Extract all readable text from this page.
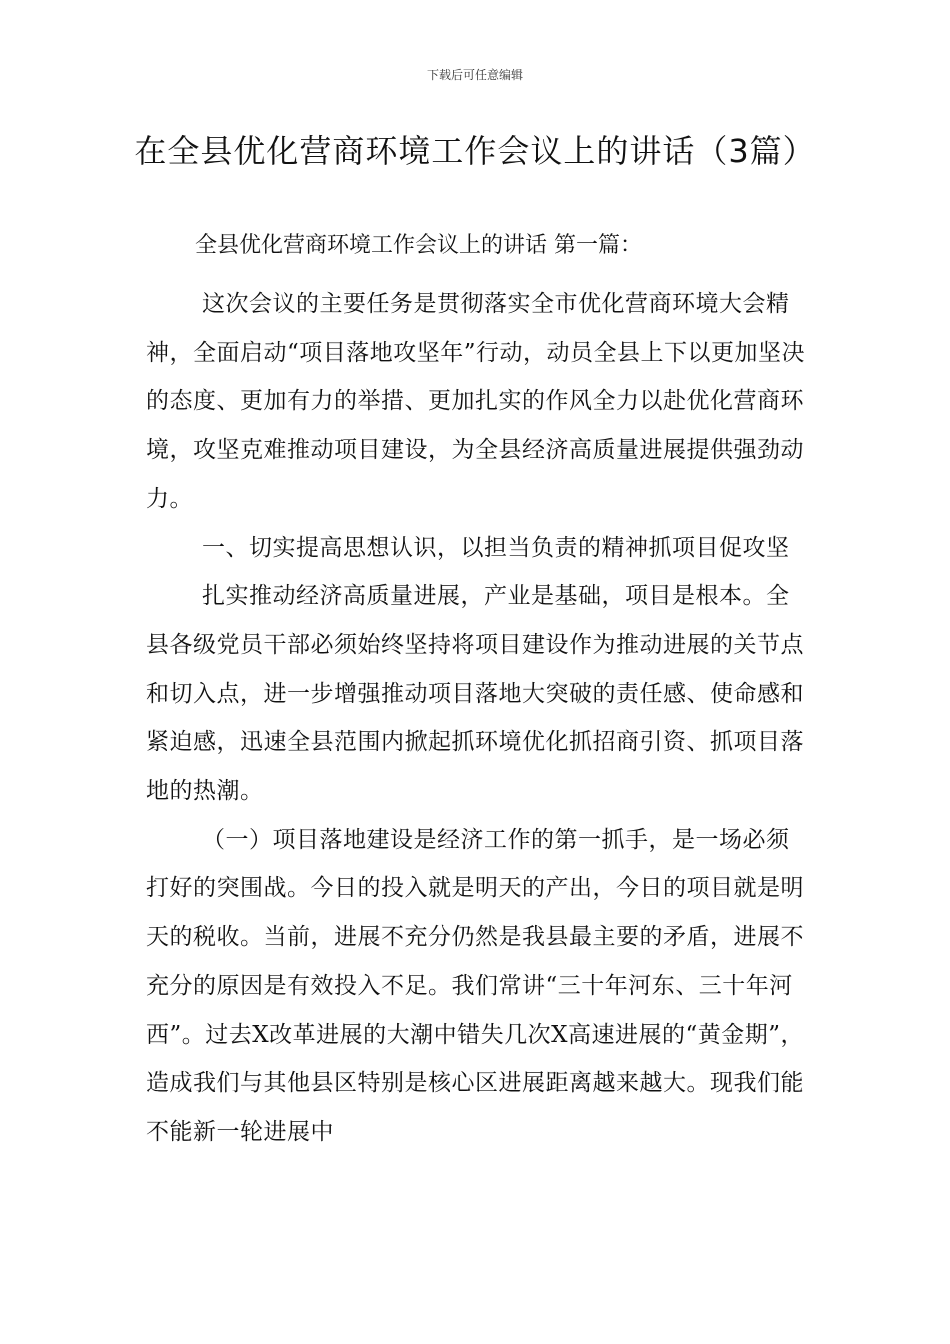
下载后可任意编辑
在全县优化营商环境工作会议上的讲话（3篇）
全县优化营商环境工作会议上的讲话 第一篇：

这次会议的主要任务是贯彻落实全市优化营商环境大会精神，全面启动“项目落地攻坚年”行动，动员全县上下以更加坚决的态度、更加有力的举措、更加扎实的作风全力以赴优化营商环境，攻坚克难推动项目建设，为全县经济高质量进展提供强劲动力。

一、切实提高思想认识，以担当负责的精神抓项目促攻坚

扎实推动经济高质量进展，产业是基础，项目是根本。全县各级党员干部必须始终坚持将项目建设作为推动进展的关节点和切入点，进一步增强推动项目落地大突破的责任感、使命感和紧迫感，迅速全县范围内掀起抓环境优化抓招商引资、抓项目落地的热潮。

（一）项目落地建设是经济工作的第一抓手，是一场必须打好的突围战。今日的投入就是明天的产出，今日的项目就是明天的税收。当前，进展不充分仍然是我县最主要的矛盾，进展不充分的原因是有效投入不足。我们常讲“三十年河东、三十年河西”。过去X改革进展的大潮中错失几次X高速进展的“黄金期”，造成我们与其他县区特别是核心区进展距离越来越大。现我们能不能新一轮进展中
